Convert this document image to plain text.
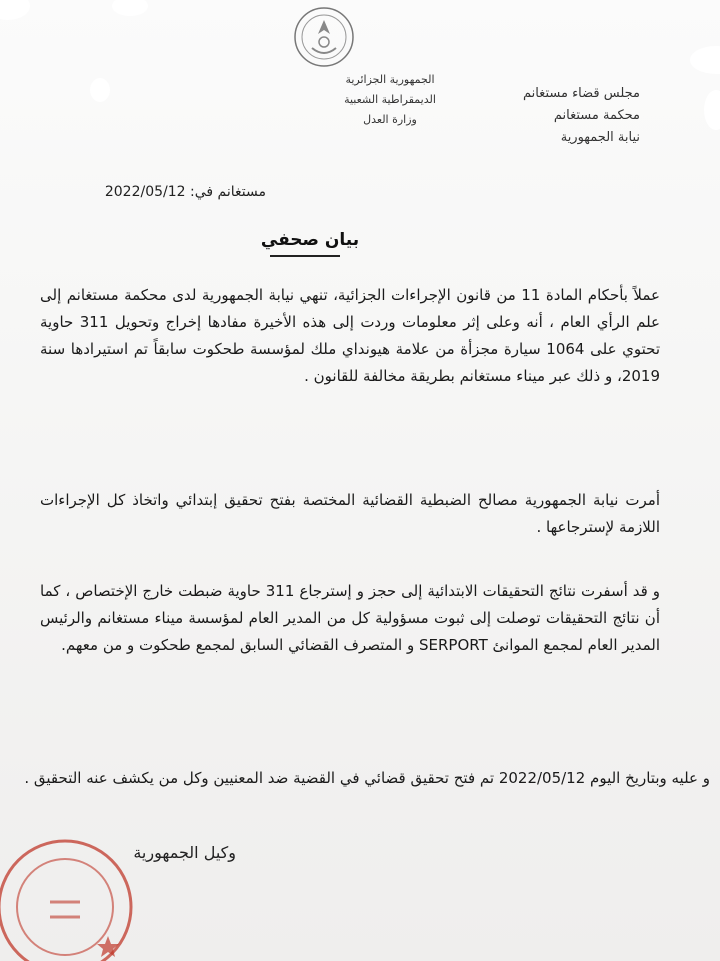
الجمهورية الجزائرية الديمقراطية الشعبية
وزارة العدل
مجلس قضاء مستغانم
محكمة مستغانم
نيابة الجمهورية
مستغانم في: 2022/05/12
بيان صحفي
عملاً بأحكام المادة 11 من قانون الإجراءات الجزائية، تنهي نيابة الجمهورية لدى محكمة مستغانم إلى علم الرأي العام ، أنه وعلى إثر معلومات وردت إلى هذه الأخيرة مفادها إخراج وتحويل 311 حاوية تحتوي على 1064 سيارة مجزأة من علامة هيونداي ملك لمؤسسة طحكوت سابقاً تم استيرادها سنة 2019، و ذلك عبر ميناء مستغانم بطريقة مخالفة للقانون .
أمرت نيابة الجمهورية مصالح الضبطية القضائية المختصة بفتح تحقيق إبتدائي واتخاذ كل الإجراءات اللازمة لإسترجاعها .
و قد أسفرت نتائج التحقيقات الابتدائية إلى حجز و إسترجاع 311 حاوية ضبطت خارج الإختصاص ، كما أن نتائج التحقيقات توصلت إلى ثبوت مسؤولية كل من المدير العام لمؤسسة ميناء مستغانم والرئيس المدير العام لمجمع الموانئ SERPORT و المتصرف القضائي السابق لمجمع طحكوت و من معهم.
و عليه وبتاريخ اليوم 2022/05/12 تم فتح تحقيق قضائي في القضية ضد المعنيين وكل من يكشف عنه التحقيق .
وكيل الجمهورية
